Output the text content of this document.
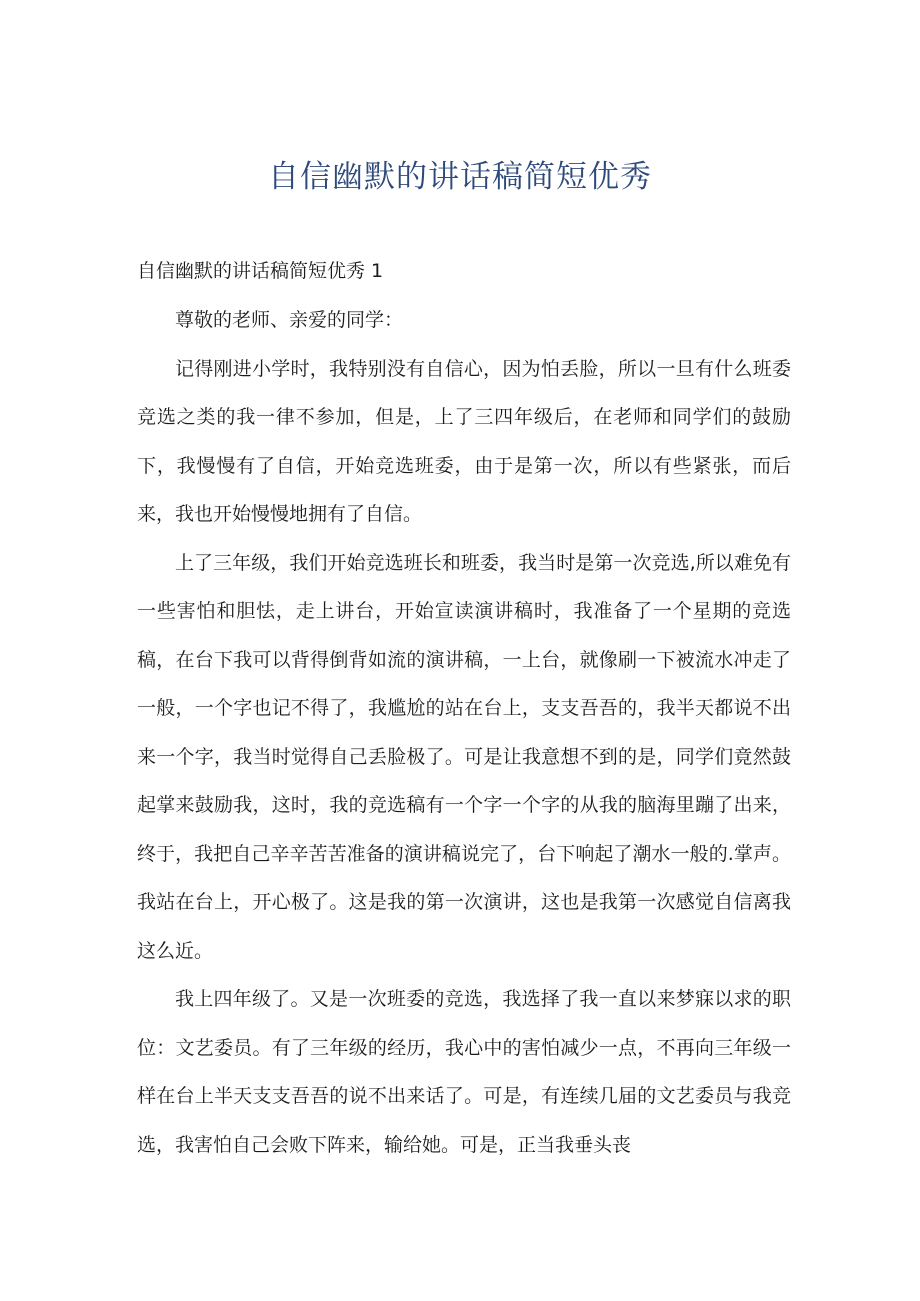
自信幽默的讲话稿简短优秀
自信幽默的讲话稿简短优秀 1

尊敬的老师、亲爱的同学：

记得刚进小学时，我特别没有自信心，因为怕丢脸，所以一旦有什么班委竞选之类的我一律不参加，但是，上了三四年级后，在老师和同学们的鼓励下，我慢慢有了自信，开始竞选班委，由于是第一次，所以有些紧张，而后来，我也开始慢慢地拥有了自信。

上了三年级，我们开始竞选班长和班委，我当时是第一次竞选,所以难免有一些害怕和胆怯，走上讲台，开始宣读演讲稿时，我准备了一个星期的竞选稿，在台下我可以背得倒背如流的演讲稿，一上台，就像刷一下被流水冲走了一般，一个字也记不得了，我尴尬的站在台上，支支吾吾的，我半天都说不出来一个字，我当时觉得自己丢脸极了。可是让我意想不到的是，同学们竟然鼓起掌来鼓励我，这时，我的竞选稿有一个字一个字的从我的脑海里蹦了出来，终于，我把自己辛辛苦苦准备的演讲稿说完了，台下响起了潮水一般的.掌声。我站在台上，开心极了。这是我的第一次演讲，这也是我第一次感觉自信离我这么近。

我上四年级了。又是一次班委的竞选，我选择了我一直以来梦寐以求的职位：文艺委员。有了三年级的经历，我心中的害怕减少一点，不再向三年级一样在台上半天支支吾吾的说不出来话了。可是，有连续几届的文艺委员与我竞选，我害怕自己会败下阵来，输给她。可是，正当我垂头丧
